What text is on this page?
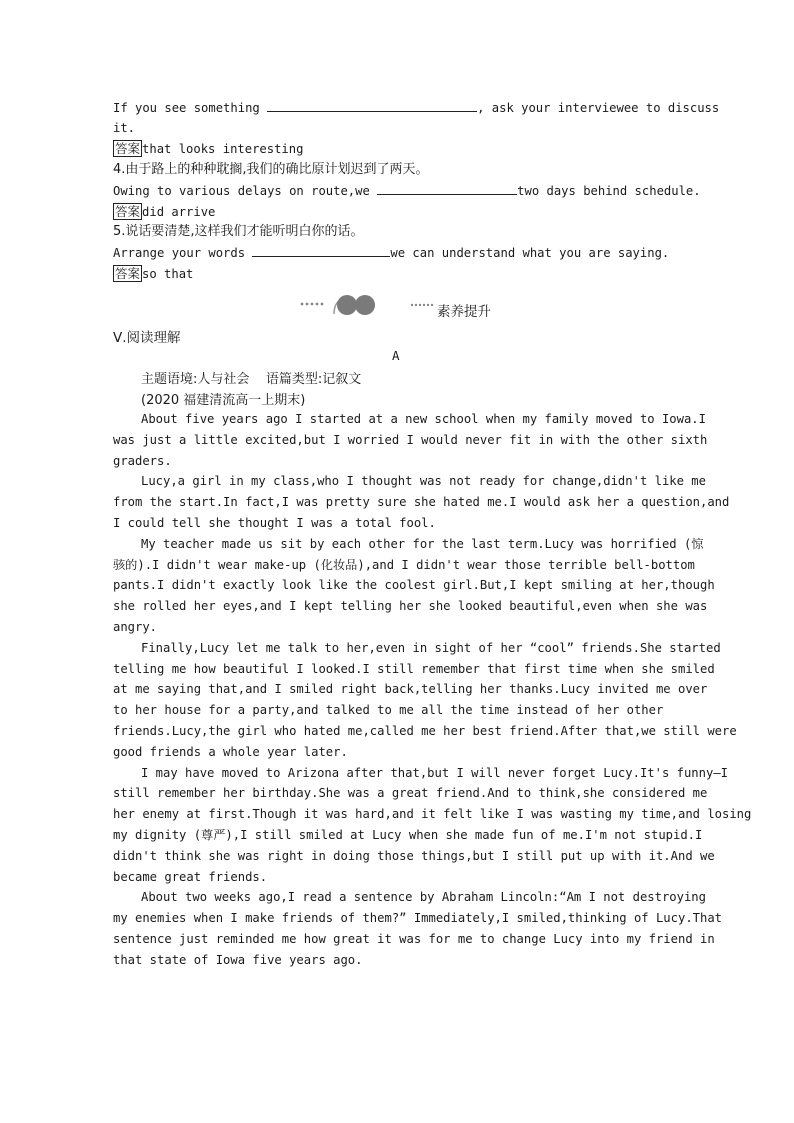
If you see something	, ask your interviewee to discuss
it.
答案 that looks interesting
4.由于路上的种种耽搁,我们的确比原计划迟到了两天。
Owing to various delays on route,we	two days behind schedule.
答案 did arrive
5.说话要清楚,这样我们才能听明白你的话。
Arrange your words	we can understand what you are saying.
答案 so that
素养提升
Ⅴ.阅读理解
A
主题语境:人与社会    语篇类型:记叙文
(2020 福建清流高一上期末)
About five years ago I started at a new school when my family moved to Iowa.I
was just a little excited,but I worried I would never fit in with the other sixth
graders.
Lucy,a girl in my class,who I thought was not ready for change,didn't like me
from the start.In fact,I was pretty sure she hated me.I would ask her a question,and
I could tell she thought I was a total fool.
My teacher made us sit by each other for the last term.Lucy was horrified (惊
骇的).I didn't wear make-up (化妆品),and I didn't wear those terrible bell-bottom
pants.I didn't exactly look like the coolest girl.But,I kept smiling at her,though
she rolled her eyes,and I kept telling her she looked beautiful,even when she was
angry.
Finally,Lucy let me talk to her,even in sight of her “cool” friends.She started
telling me how beautiful I looked.I still remember that first time when she smiled
at me saying that,and I smiled right back,telling her thanks.Lucy invited me over
to her house for a party,and talked to me all the time instead of her other
friends.Lucy,the girl who hated me,called me her best friend.After that,we still were
good friends a whole year later.
I may have moved to Arizona after that,but I will never forget Lucy.It's funny—I
still remember her birthday.She was a great friend.And to think,she considered me
her enemy at first.Though it was hard,and it felt like I was wasting my time,and losing
my dignity (尊严),I still smiled at Lucy when she made fun of me.I'm not stupid.I
didn't think she was right in doing those things,but I still put up with it.And we
became great friends.
About two weeks ago,I read a sentence by Abraham Lincoln:“Am I not destroying
my enemies when I make friends of them?” Immediately,I smiled,thinking of Lucy.That
sentence just reminded me how great it was for me to change Lucy into my friend in
that state of Iowa five years ago.
